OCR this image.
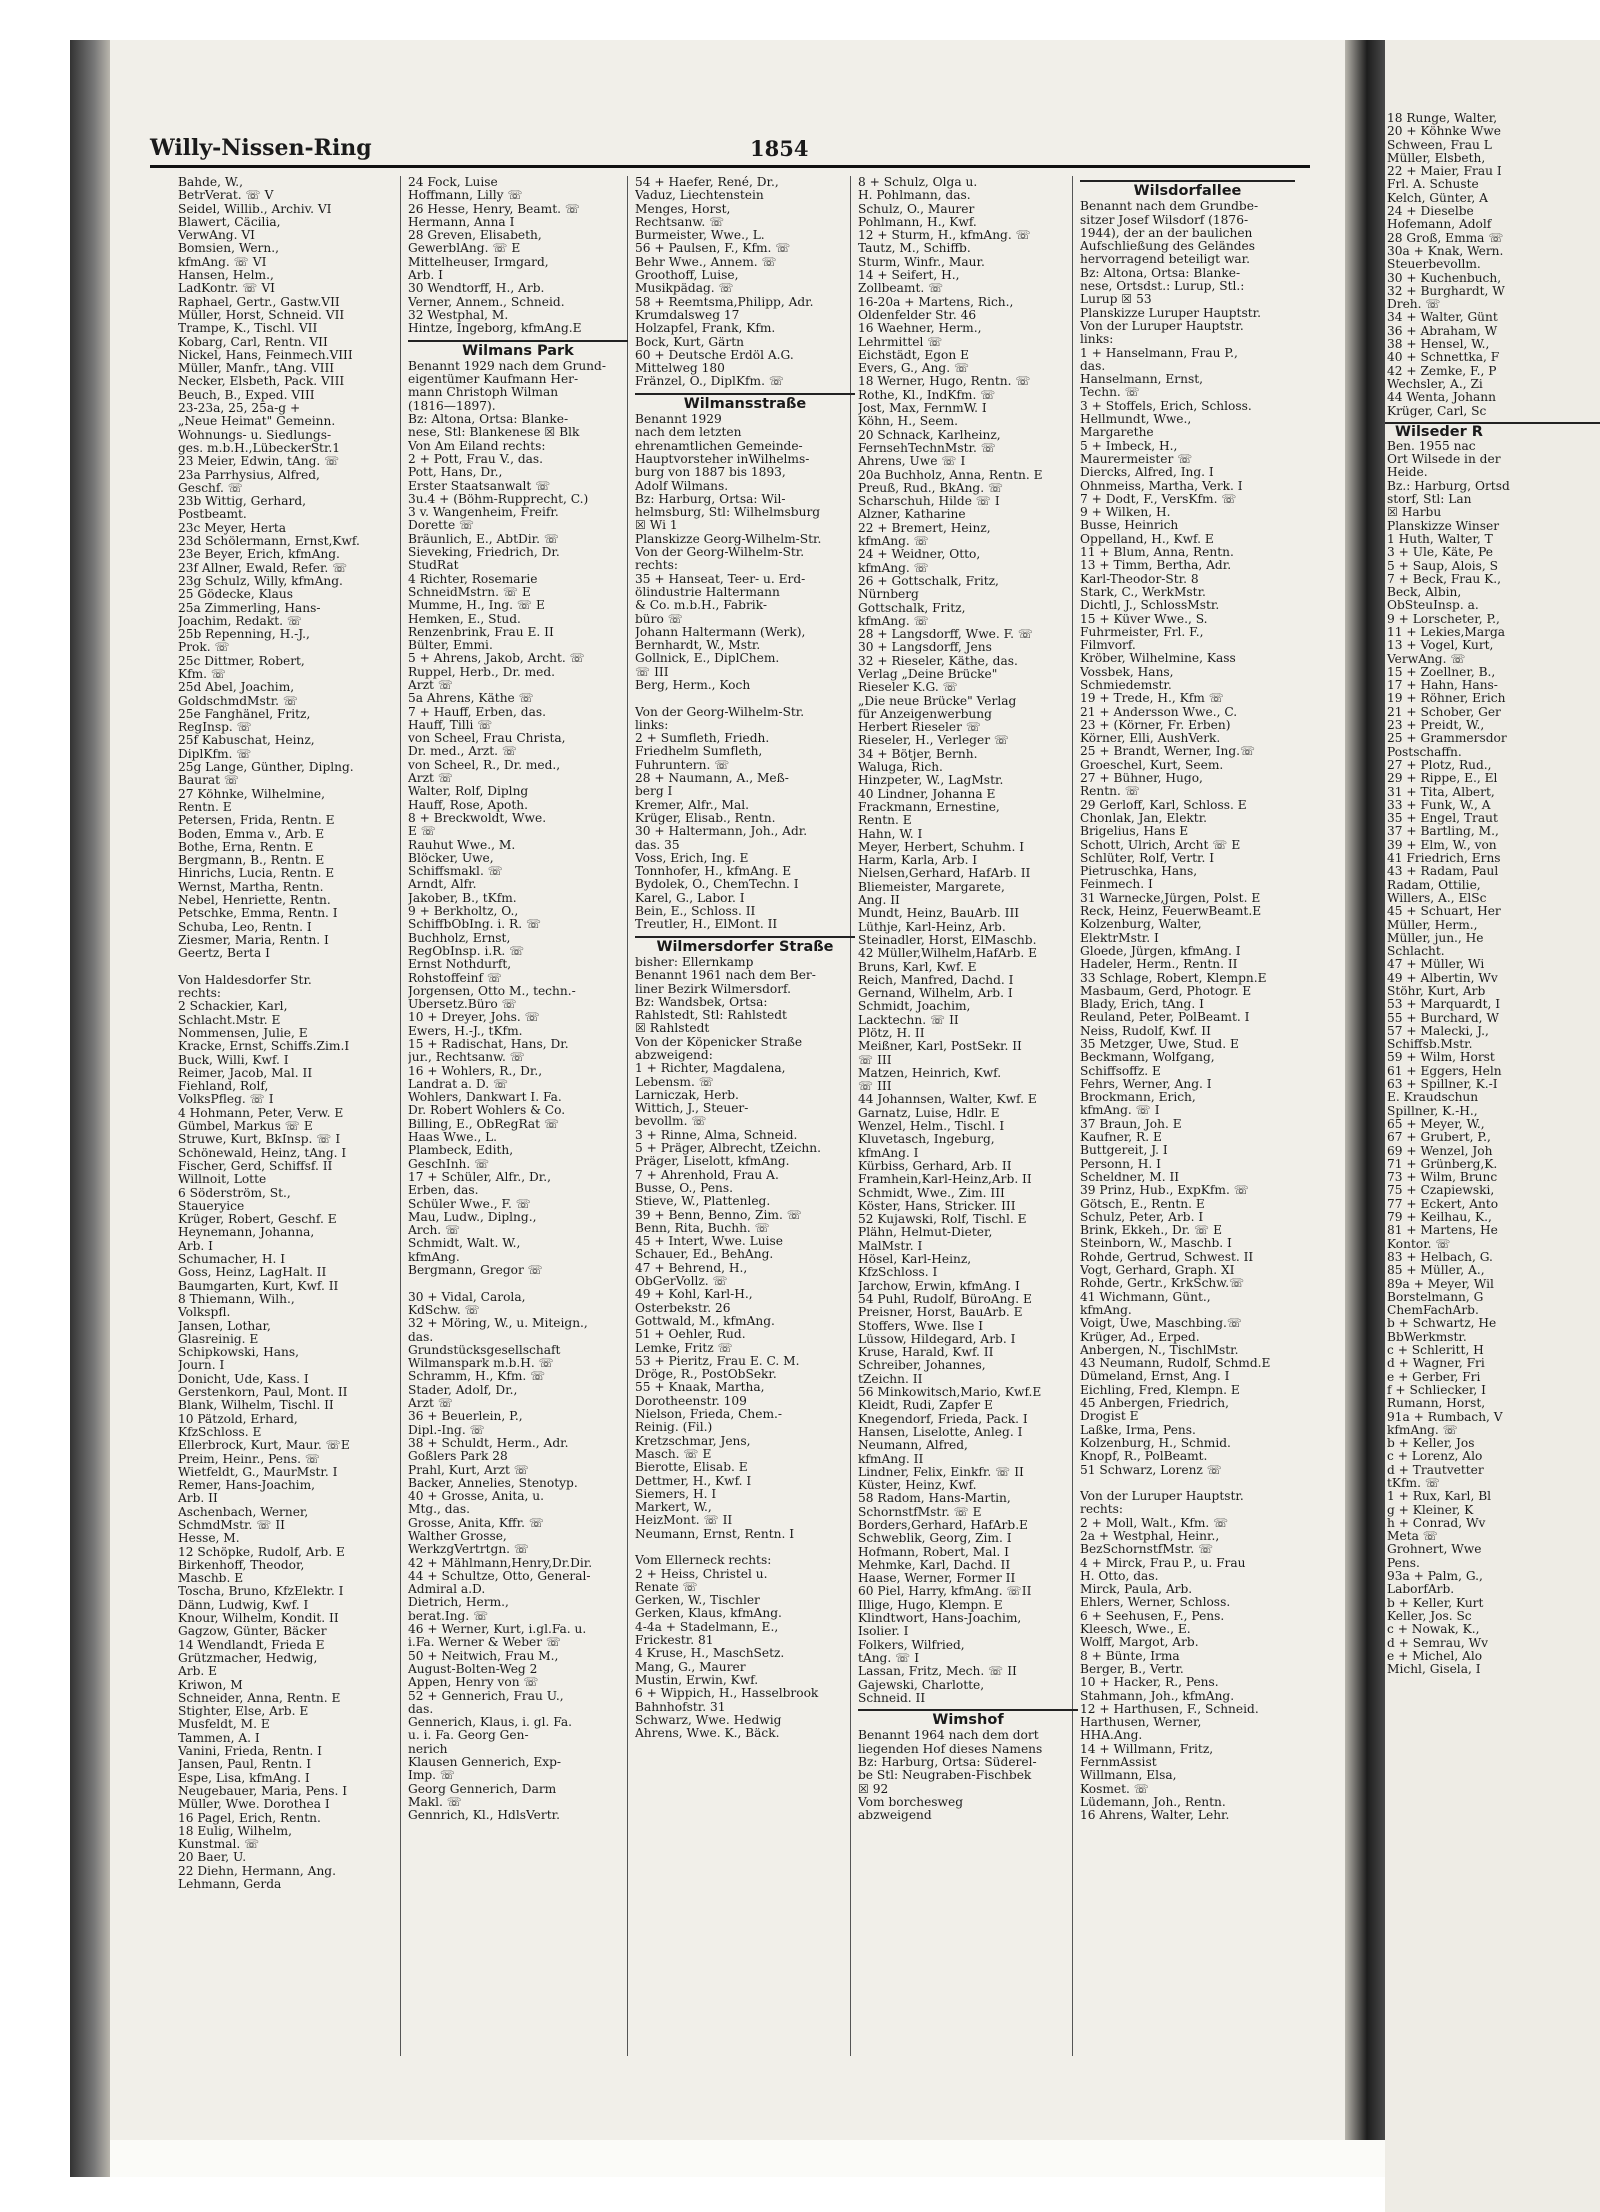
Willy-Nissen-Ring	1854
Bahde, W.,
BetrVerat. ☏ V
Seidel, Willib., Archiv. VI
Blawert, Cäcilia,
VerwAng. VI
Bomsien, Wern.,
kfmAng. ☏ VI
Hansen, Helm.,
LadKontr. ☏ VI
Raphael, Gertr., Gastw.VII
Müller, Horst, Schneid. VII
Trampe, K., Tischl. VII
Kobarg, Carl, Rentn. VII
Nickel, Hans, Feinmech.VIII
Müller, Manfr., tAng. VIII
Necker, Elsbeth, Pack. VIII
Beuch, B., Exped. VIII
23-23a, 25, 25a-g +
„Neue Heimat" Gemeinn.
Wohnungs- u. Siedlungs-
ges. m.b.H.,LübeckerStr.1
23 Meier, Edwin, tAng. ☏
23a Parrhysius, Alfred,
Geschf. ☏
23b Wittig, Gerhard,
Postbeamt.
23c Meyer, Herta
23d Schölermann, Ernst,Kwf.
23e Beyer, Erich, kfmAng.
23f Allner, Ewald, Refer. ☏
23g Schulz, Willy, kfmAng.
25 Gödecke, Klaus
25a Zimmerling, Hans-
Joachim, Redakt. ☏
25b Repenning, H.-J.,
Prok. ☏
25c Dittmer, Robert,
Kfm. ☏
25d Abel, Joachim,
GoldschmdMstr. ☏
25e Fanghänel, Fritz,
RegInsp. ☏
25f Kabuschat, Heinz,
DiplKfm. ☏
25g Lange, Günther, Diplng.
Baurat ☏
27 Köhnke, Wilhelmine,
Rentn. E
Petersen, Frida, Rentn. E
Boden, Emma v., Arb. E
Bothe, Erna, Rentn. E
Bergmann, B., Rentn. E
Hinrichs, Lucia, Rentn. E
Wernst, Martha, Rentn.
Nebel, Henriette, Rentn.
Petschke, Emma, Rentn. I
Schuba, Leo, Rentn. I
Ziesmer, Maria, Rentn. I
Geertz, Berta I

Von Haldesdorfer Str.
rechts:
2 Schackier, Karl,
Schlacht.Mstr. E
Nommensen, Julie, E
Kracke, Ernst, Schiffs.Zim.I
Buck, Willi, Kwf. I
Reimer, Jacob, Mal. II
Fiehland, Rolf,
VolksPfleg. ☏ I
4 Hohmann, Peter, Verw. E
Gümbel, Markus ☏ E
Struwe, Kurt, BkInsp. ☏ I
Schönewald, Heinz, tAng. I
Fischer, Gerd, Schiffsf. II
Willnoit, Lotte
6 Söderström, St.,
Staueryice
Krüger, Robert, Geschf. E
Heynemann, Johanna,
Arb. I
Schumacher, H. I
Goss, Heinz, LagHalt. II
Baumgarten, Kurt, Kwf. II
8 Thiemann, Wilh.,
Volkspfl.
Jansen, Lothar,
Glasreinig. E
Schipkowski, Hans,
Journ. I
Donicht, Ude, Kass. I
Gerstenkorn, Paul, Mont. II
Blank, Wilhelm, Tischl. II
10 Pätzold, Erhard,
KfzSchloss. E
Ellerbrock, Kurt, Maur. ☏E
Preim, Heinr., Pens. ☏
Wietfeldt, G., MaurMstr. I
Remer, Hans-Joachim,
Arb. II
Aschenbach, Werner,
SchmdMstr. ☏ II
Hesse, M.
12 Schöpke, Rudolf, Arb. E
Birkenhoff, Theodor,
Maschb. E
Toscha, Bruno, KfzElektr. I
Dänn, Ludwig, Kwf. I
Knour, Wilhelm, Kondit. II
Gagzow, Günter, Bäcker
14 Wendlandt, Frieda E
Grützmacher, Hedwig,
Arb. E
Kriwon, M
Schneider, Anna, Rentn. E
Stighter, Else, Arb. E
Musfeldt, M. E
Tammen, A. I
Vanini, Frieda, Rentn. I
Jansen, Paul, Rentn. I
Espe, Lisa, kfmAng. I
Neugebauer, Maria, Pens. I
Müller, Wwe. Dorothea I
16 Pagel, Erich, Rentn.
18 Eulig, Wilhelm,
Kunstmal. ☏
20 Baer, U.
22 Diehn, Hermann, Ang.
Lehmann, Gerda
24 Fock, Luise
Hoffmann, Lilly ☏
26 Hesse, Henry, Beamt. ☏
Hermann, Anna I
28 Greven, Elisabeth,
GewerblAng. ☏ E
Mittelheuser, Irmgard,
Arb. I
30 Wendtorff, H., Arb.
Verner, Annem., Schneid.
32 Westphal, M.
Hintze, Ingeborg, kfmAng.E
Wilmans Park
Benannt 1929 nach dem Grund-
eigentümer Kaufmann Her-
mann Christoph Wilman
(1816—1897).
Bz: Altona, Ortsa: Blanke-
nese, Stl: Blankenese ☒ Blk
Von Am Eiland rechts:
2 + Pott, Frau V., das.
Pott, Hans, Dr.,
Erster Staatsanwalt ☏
3u.4 + (Böhm-Rupprecht, C.)
3 v. Wangenheim, Freifr.
Dorette ☏
Bräunlich, E., AbtDir. ☏
Sieveking, Friedrich, Dr.
StudRat
4 Richter, Rosemarie
SchneidMstrn. ☏ E
Mumme, H., Ing. ☏ E
Hemken, E., Stud.
Renzenbrink, Frau E. II
Bülter, Emmi.
5 + Ahrens, Jakob, Archt. ☏
Ruppel, Herb., Dr. med.
Arzt ☏
5a Ahrens, Käthe ☏
7 + Hauff, Erben, das.
Hauff, Tilli ☏
von Scheel, Frau Christa,
Dr. med., Ärzt. ☏
von Scheel, R., Dr. med.,
Arzt ☏
Walter, Rolf, Diplng
Hauff, Rose, Apoth.
8 + Breckwoldt, Wwe.
E ☏
Rauhut Wwe., M.
Blöcker, Uwe,
Schiffsmakl. ☏
Arndt, Alfr.
Jakober, B., tKfm.
9 + Berkholtz, O.,
SchiffbObIng. i. R. ☏
Buchholz, Ernst,
RegObInsp. i.R. ☏
Ernst Nothdurft,
Rohstoffeinf ☏
Jorgensen, Otto M., techn.-
Übersetz.Büro ☏
10 + Dreyer, Johs. ☏
Ewers, H.-J., tKfm.
15 + Radischat, Hans, Dr.
jur., Rechtsanw. ☏
16 + Wohlers, R., Dr.,
Landrat a. D. ☏
Wohlers, Dankwart I. Fa.
Dr. Robert Wohlers & Co.
Billing, E., ObRegRat ☏
Haas Wwe., L.
Plambeck, Edith,
GeschInh. ☏
17 + Schüler, Alfr., Dr.,
Erben, das.
Schüler Wwe., F. ☏
Mau, Ludw., Diplng.,
Arch. ☏
Schmidt, Walt. W.,
kfmAng.
Bergmann, Gregor ☏

30 + Vidal, Carola,
KdSchw. ☏
32 + Möring, W., u. Miteign.,
das.
Grundstücksgesellschaft
Wilmanspark m.b.H. ☏
Schramm, H., Kfm. ☏
Stader, Adolf, Dr.,
Arzt ☏
36 + Beuerlein, P.,
Dipl.-Ing. ☏
38 + Schuldt, Herm., Adr.
Goßlers Park 28
Prahl, Kurt, Arzt ☏
Backer, Annelies, Stenotyp.
40 + Grosse, Anita, u.
Mtg., das.
Grosse, Anita, Kffr. ☏
Walther Grosse,
WerkzgVertrtgn. ☏
42 + Mählmann,Henry,Dr.Dir.
44 + Schultze, Otto, General-
Admiral a.D.
Dietrich, Herm.,
berat.Ing. ☏
46 + Werner, Kurt, i.gl.Fa. u.
i.Fa. Werner & Weber ☏
50 + Neitwich, Frau M.,
August-Bolten-Weg 2
Appen, Henry von ☏
52 + Gennerich, Frau U.,
das.
Gennerich, Klaus, i. gl. Fa.
u. i. Fa. Georg Gen-
nerich
Klausen Gennerich, Exp-
Imp. ☏
Georg Gennerich, Darm
Makl. ☏
Gennrich, Kl., HdlsVertr.
54 + Haefer, René, Dr.,
Vaduz, Liechtenstein
Menges, Horst,
Rechtsanw. ☏
Burmeister, Wwe., L.
56 + Paulsen, F., Kfm. ☏
Behr Wwe., Annem. ☏
Groothoff, Luise,
Musikpädag. ☏
58 + Reemtsma,Philipp, Adr.
Krumdalsweg 17
Holzapfel, Frank, Kfm.
Bock, Kurt, Gärtn
60 + Deutsche Erdöl A.G.
Mittelweg 180
Fränzel, O., DiplKfm. ☏
Wilmansstraße
Benannt 1929
nach dem letzten
ehrenamtlichen Gemeinde-
Hauptvorsteher inWilhelms-
burg von 1887 bis 1893,
Adolf Wilmans.
Bz: Harburg, Ortsa: Wil-
helmsburg, Stl: Wilhelmsburg
☒ Wi 1
Planskizze Georg-Wilhelm-Str.
Von der Georg-Wilhelm-Str.
rechts:
35 + Hanseat, Teer- u. Erd-
ölindustrie Haltermann
& Co. m.b.H., Fabrik-
büro ☏
Johann Haltermann (Werk),
Bernhardt, W., Mstr.
Gollnick, E., DiplChem.
☏ III
Berg, Herm., Koch

Von der Georg-Wilhelm-Str.
links:
2 + Sumfleth, Friedh.
Friedhelm Sumfleth,
Fuhruntern. ☏
28 + Naumann, A., Meß-
berg I
Kremer, Alfr., Mal.
Krüger, Elisab., Rentn.
30 + Haltermann, Joh., Adr.
das. 35
Voss, Erich, Ing. E
Tonnhofer, H., kfmAng. E
Bydolek, O., ChemTechn. I
Karel, G., Labor. I
Bein, E., Schloss. II
Treutler, H., ElMont. II
Wilmersdorfer Straße
bisher: Ellernkamp
Benannt 1961 nach dem Ber-
liner Bezirk Wilmersdorf.
Bz: Wandsbek, Ortsa:
Rahlstedt, Stl: Rahlstedt
☒ Rahlstedt
Von der Köpenicker Straße
abzweigend:
1 + Richter, Magdalena,
Lebensm. ☏
Larniczak, Herb.
Wittich, J., Steuer-
bevollm. ☏
3 + Rinne, Alma, Schneid.
5 + Präger, Albrecht, tZeichn.
Präger, Liselott, kfmAng.
7 + Ahrenhold, Frau A.
Busse, O., Pens.
Stieve, W., Plattenleg.
39 + Benn, Benno, Zim. ☏
Benn, Rita, Buchh. ☏
45 + Intert, Wwe. Luise
Schauer, Ed., BehAng.
47 + Behrend, H.,
ObGerVollz. ☏
49 + Kohl, Karl-H.,
Osterbekstr. 26
Gottwald, M., kfmAng.
51 + Oehler, Rud.
Lemke, Fritz ☏
53 + Pieritz, Frau E. C. M.
Dröge, R., PostObSekr.
55 + Knaak, Martha,
Dorotheenstr. 109
Nielson, Frieda, Chem.-
Reinig. (Fil.)
Kretzschmar, Jens,
Masch. ☏ E
Bierotte, Elisab. E
Dettmer, H., Kwf. I
Siemers, H. I
Markert, W.,
HeizMont. ☏ II
Neumann, Ernst, Rentn. I

Vom Ellerneck rechts:
2 + Heiss, Christel u.
Renate ☏
Gerken, W., Tischler
Gerken, Klaus, kfmAng.
4-4a + Stadelmann, E.,
Frickestr. 81
4 Kruse, H., MaschSetz.
Mang, G., Maurer
Mustin, Erwin, Kwf.
6 + Wippich, H., Hasselbrook
Bahnhofstr. 31
Schwarz, Wwe. Hedwig
Ahrens, Wwe. K., Bäck.
8 + Schulz, Olga u.
H. Pohlmann, das.
Schulz, O., Maurer
Pohlmann, H., Kwf.
12 + Sturm, H., kfmAng. ☏
Tautz, M., Schiffb.
Sturm, Winfr., Maur.
14 + Seifert, H.,
Zollbeamt. ☏
16-20a + Martens, Rich.,
Oldenfelder Str. 46
16 Waehner, Herm.,
Lehrmittel ☏
Eichstädt, Egon E
Evers, G., Ang. ☏
18 Werner, Hugo, Rentn. ☏
Rothe, Kl., IndKfm. ☏
Jost, Max, FernmW. I
Köhn, H., Seem.
20 Schnack, Karlheinz,
FernsehTechnMstr. ☏
Ahrens, Uwe ☏ I
20a Buchholz, Anna, Rentn. E
Preuß, Rud., BkAng. ☏
Scharschuh, Hilde ☏ I
Alzner, Katharine
22 + Bremert, Heinz,
kfmAng. ☏
24 + Weidner, Otto,
kfmAng. ☏
26 + Gottschalk, Fritz,
Nürnberg
Gottschalk, Fritz,
kfmAng. ☏
28 + Langsdorff, Wwe. F. ☏
30 + Langsdorff, Jens
32 + Rieseler, Käthe, das.
Verlag „Deine Brücke"
Rieseler K.G. ☏
„Die neue Brücke" Verlag
für Anzeigenwerbung
Herbert Rieseler ☏
Rieseler, H., Verleger ☏
34 + Bötjer, Bernh.
Waluga, Rich.
Hinzpeter, W., LagMstr.
40 Lindner, Johanna E
Frackmann, Ernestine,
Rentn. E
Hahn, W. I
Meyer, Herbert, Schuhm. I
Harm, Karla, Arb. I
Nielsen,Gerhard, HafArb. II
Bliemeister, Margarete,
Ang. II
Mundt, Heinz, BauArb. III
Lüthje, Karl-Heinz, Arb.
Steinadler, Horst, ElMaschb.
42 Müller,Wilhelm,HafArb. E
Bruns, Karl, Kwf. E
Reich, Manfred, Dachd. I
Gernand, Wilhelm, Arb. I
Schmidt, Joachim,
Lacktechn. ☏ II
Plötz, H. II
Meißner, Karl, PostSekr. II
☏ III
Matzen, Heinrich, Kwf.
☏ III
44 Johannsen, Walter, Kwf. E
Garnatz, Luise, Hdlr. E
Wenzel, Helm., Tischl. I
Kluvetasch, Ingeburg,
kfmAng. I
Kürbiss, Gerhard, Arb. II
Framhein,Karl-Heinz,Arb. II
Schmidt, Wwe., Zim. III
Köster, Hans, Stricker. III
52 Kujawski, Rolf, Tischl. E
Plähn, Helmut-Dieter,
MalMstr. I
Hösel, Karl-Heinz,
KfzSchloss. I
Jarchow, Erwin, kfmAng. I
54 Puhl, Rudolf, BüroAng. E
Preisner, Horst, BauArb. E
Stoffers, Wwe. Ilse I
Lüssow, Hildegard, Arb. I
Kruse, Harald, Kwf. II
Schreiber, Johannes,
tZeichn. II
56 Minkowitsch,Mario, Kwf.E
Kleidt, Rudi, Zapfer E
Knegendorf, Frieda, Pack. I
Hansen, Liselotte, Anleg. I
Neumann, Alfred,
kfmAng. II
Lindner, Felix, Einkfr. ☏ II
Küster, Heinz, Kwf.
58 Radom, Hans-Martin,
SchornstfMstr. ☏ E
Borders,Gerhard, HafArb.E
Schweblik, Georg, Zim. I
Hofmann, Robert, Mal. I
Mehmke, Karl, Dachd. II
Haase, Werner, Former II
60 Piel, Harry, kfmAng. ☏II
Illige, Hugo, Klempn. E
Klindtwort, Hans-Joachim,
Isolier. I
Folkers, Wilfried,
tAng. ☏ I
Lassan, Fritz, Mech. ☏ II
Gajewski, Charlotte,
Schneid. II
Wimshof
Benannt 1964 nach dem dort
liegenden Hof dieses Namens
Bz: Harburg, Ortsa: Süderel-
be Stl: Neugraben-Fischbek
☒ 92
Vom borchesweg
abzweigend
Wilsdorfallee
Benannt nach dem Grundbe-
sitzer Josef Wilsdorf (1876-
1944), der an der baulichen
Aufschließung des Geländes
hervorragend beteiligt war.
Bz: Altona, Ortsa: Blanke-
nese, Ortsdst.: Lurup, Stl.:
Lurup ☒ 53
Planskizze Luruper Hauptstr.
Von der Luruper Hauptstr.
links:
1 + Hanselmann, Frau P.,
das.
Hanselmann, Ernst,
Techn. ☏
3 + Stoffels, Erich, Schloss.
Hellmundt, Wwe.,
Margarethe
5 + Imbeck, H.,
Maurermeister ☏
Diercks, Alfred, Ing. I
Ohnmeiss, Martha, Verk. I
7 + Dodt, F., VersKfm. ☏
9 + Wilken, H.
Busse, Heinrich
Oppelland, H., Kwf. E
11 + Blum, Anna, Rentn.
13 + Timm, Bertha, Adr.
Karl-Theodor-Str. 8
Stark, C., WerkMstr.
Dichtl, J., SchlossMstr.
15 + Küver Wwe., S.
Fuhrmeister, Frl. F.,
Filmvorf.
Kröber, Wilhelmine, Kass
Vossbek, Hans,
Schmiedemstr.
19 + Trede, H., Kfm ☏
21 + Andersson Wwe., C.
23 + (Körner, Fr. Erben)
Körner, Elli, AushVerk.
25 + Brandt, Werner, Ing.☏
Groeschel, Kurt, Seem.
27 + Bühner, Hugo,
Rentn. ☏
29 Gerloff, Karl, Schloss. E
Chonlak, Jan, Elektr.
Brigelius, Hans E
Schott, Ulrich, Archt ☏ E
Schlüter, Rolf, Vertr. I
Pietruschka, Hans,
Feinmech. I
31 Warnecke,Jürgen, Polst. E
Reck, Heinz, FeuerwBeamt.E
Kolzenburg, Walter,
ElektrMstr. I
Gloede, Jürgen, kfmAng. I
Hadeler, Herm., Rentn. II
33 Schlage, Robert, Klempn.E
Masbaum, Gerd, Photogr. E
Blady, Erich, tAng. I
Reuland, Peter, PolBeamt. I
Neiss, Rudolf, Kwf. II
35 Metzger, Uwe, Stud. E
Beckmann, Wolfgang,
Schiffsoffz. E
Fehrs, Werner, Ang. I
Brockmann, Erich,
kfmAng. ☏ I
37 Braun, Joh. E
Kaufner, R. E
Buttgereit, J. I
Personn, H. I
Scheldner, M. II
39 Prinz, Hub., ExpKfm. ☏
Götsch, E., Rentn. E
Schulz, Peter, Arb. I
Brink, Ekkeh., Dr. ☏ E
Steinborn, W., Maschb. I
Rohde, Gertrud, Schwest. II
Vogt, Gerhard, Graph. XI
Rohde, Gertr., KrkSchw.☏
41 Wichmann, Günt.,
kfmAng.
Voigt, Uwe, Maschbing.☏
Krüger, Ad., Erped.
Anbergen, N., TischlMstr.
43 Neumann, Rudolf, Schmd.E
Dümeland, Ernst, Ang. I
Eichling, Fred, Klempn. E
45 Anbergen, Friedrich,
Drogist E
Laßke, Irma, Pens.
Kolzenburg, H., Schmid.
Knopf, R., PolBeamt.
51 Schwarz, Lorenz ☏

Von der Luruper Hauptstr.
rechts:
2 + Moll, Walt., Kfm. ☏
2a + Westphal, Heinr.,
BezSchornstfMstr. ☏
4 + Mirck, Frau P., u. Frau
H. Otto, das.
Mirck, Paula, Arb.
Ehlers, Werner, Schloss.
6 + Seehusen, F., Pens.
Kleesch, Wwe., E.
Wolff, Margot, Arb.
8 + Bünte, Irma
Berger, B., Vertr.
10 + Hacker, R., Pens.
Stahmann, Joh., kfmAng.
12 + Harthusen, F., Schneid.
Harthusen, Werner,
HHA.Ang.
14 + Willmann, Fritz,
FernmAssist
Willmann, Elsa,
Kosmet. ☏
Lüdemann, Joh., Rentn.
16 Ahrens, Walter, Lehr.
18 Runge, Walter,
20 + Köhnke Wwe
Schween, Frau L
Müller, Elsbeth,
22 + Maier, Frau I
Frl. A. Schuste
Kelch, Günter, A
24 + Dieselbe
Hofemann, Adolf
28 Groß, Emma ☏
30a + Knak, Wern.
Steuerbevollm.
30 + Kuchenbuch,
32 + Burghardt, W
Dreh. ☏
34 + Walter, Günt
36 + Abraham, W
38 + Hensel, W.,
40 + Schnettka, F
42 + Zemke, F., P
Wechsler, A., Zi
44 Wenta, Johann
Krüger, Carl, Sc
Wilseder R
Ben. 1955 nac
Ort Wilsede in der
Heide.
Bz.: Harburg, Ortsd
storf, Stl: Lan
☒ Harbu
Planskizze Winser
1 Huth, Walter, T
3 + Ule, Käte, Pe
5 + Saup, Alois, S
7 + Beck, Frau K.,
Beck, Albin,
ObSteuInsp. a.
9 + Lorscheter, P.,
11 + Lekies,Marga
13 + Vogel, Kurt,
VerwAng. ☏
15 + Zoellner, B.,
17 + Hahn, Hans-
19 + Röhner, Erich
21 + Schober, Ger
23 + Preidt, W.,
25 + Grammersdor
Postschaffn.
27 + Plotz, Rud.,
29 + Rippe, E., El
31 + Tita, Albert,
33 + Funk, W., A
35 + Engel, Traut
37 + Bartling, M.,
39 + Elm, W., von
41 Friedrich, Erns
43 + Radam, Paul
Radam, Ottilie,
Willers, A., ElSc
45 + Schuart, Her
Müller, Herm.,
Müller, jun., He
Schlacht.
47 + Müller, Wi
49 + Albertin, Wv
Stöhr, Kurt, Arb
53 + Marquardt, I
55 + Burchard, W
57 + Malecki, J.,
Schiffsb.Mstr.
59 + Wilm, Horst
61 + Eggers, Heln
63 + Spillner, K.-I
E. Kraudschun
Spillner, K.-H.,
65 + Meyer, W.,
67 + Grubert, P.,
69 + Wenzel, Joh
71 + Grünberg,K.
73 + Wilm, Brunc
75 + Czapiewski,
77 + Eckert, Anto
79 + Keilhau, K.,
81 + Martens, He
Kontor. ☏
83 + Helbach, G.
85 + Müller, A.,
89a + Meyer, Wil
Borstelmann, G
ChemFachArb.
b + Schwartz, He
BbWerkmstr.
c + Schleritt, H
d + Wagner, Fri
e + Gerber, Fri
f + Schliecker, I
Rumann, Horst,
91a + Rumbach, V
kfmAng. ☏
b + Keller, Jos
c + Lorenz, Alo
d + Trautvetter
tKfm. ☏
1 + Rux, Karl, Bl
g + Kleiner, K
h + Conrad, Wv
Meta ☏
Grohnert, Wwe
Pens.
93a + Palm, G.,
LaborfArb.
b + Keller, Kurt
Keller, Jos. Sc
c + Nowak, K.,
d + Semrau, Wv
e + Michel, Alo
Michl, Gisela, I
